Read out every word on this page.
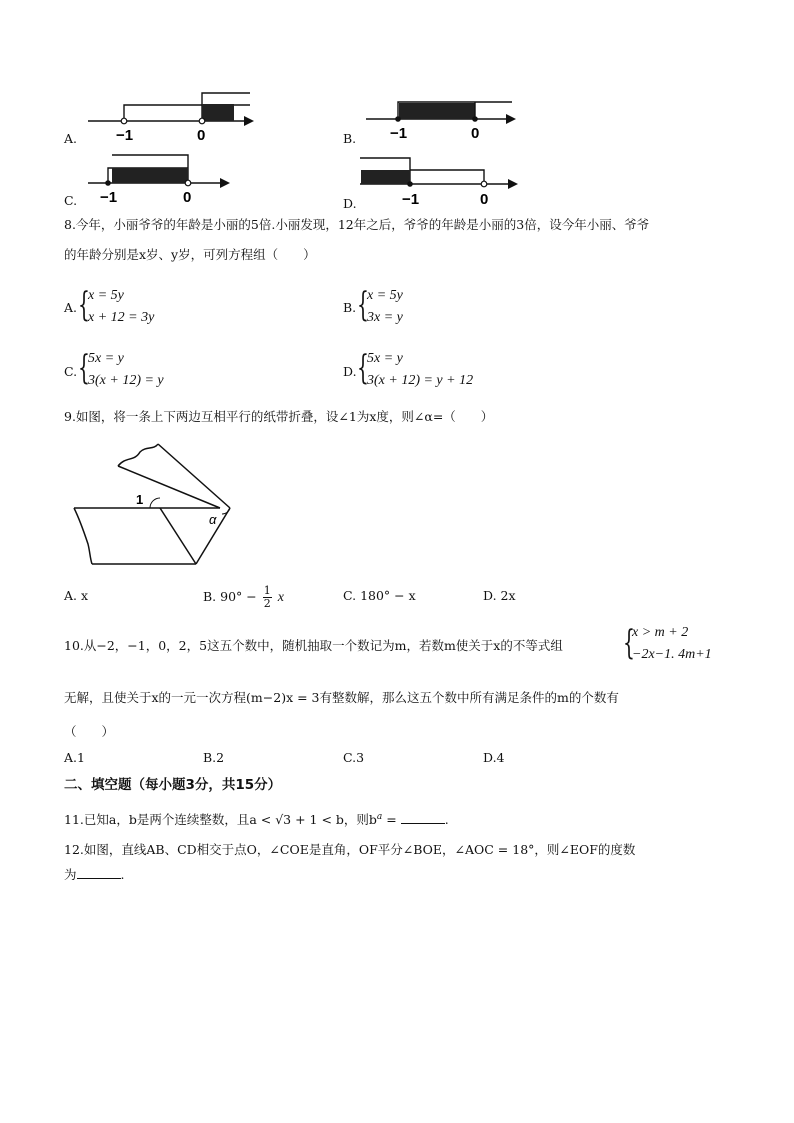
A.	−1	0	B. −1	0
C. −1	0	D.	−1	0
8.今年，小丽爷爷的年龄是小丽的5倍.小丽发现，12年之后，爷爷的年龄是小丽的3倍，设今年小丽、爷爷
的年龄分别是x岁、y岁，可列方程组（　　）
A. {
x = 5y
x + 12 = 3y
B. {
x = 5y
3x = y
C. {
5x = y
3(x + 12) = y
D. {
5x = y
3(x + 12) = y + 12
9.如图，将一条上下两边互相平行的纸带折叠，设∠1为x度，则∠α=（　　）
1
α
A. x	B. $90^\circ - \frac{1}{2}$ x	C. 180° − x	D. 2x
10.从−2，−1，0，2，5这五个数中，随机抽取一个数记为m，若数m使关于x的不等式组 {
x > m + 2
−2x−1. 4m+1
无解，且使关于x的一元一次方程(m−2)x = 3有整数解，那么这五个数中所有满足条件的m的个数有
（　　）
A.1	B.2	C.3	D.4
二、填空题（每小题3分，共15分）
11.已知a，b是两个连续整数，且a < √3 + 1 < b，则$b^a$ =	.
12.如图，直线AB、CD相交于点O，∠COE是直角，OF平分∠BOE，∠AOC = 18°，则∠EOF的度数
为	.
